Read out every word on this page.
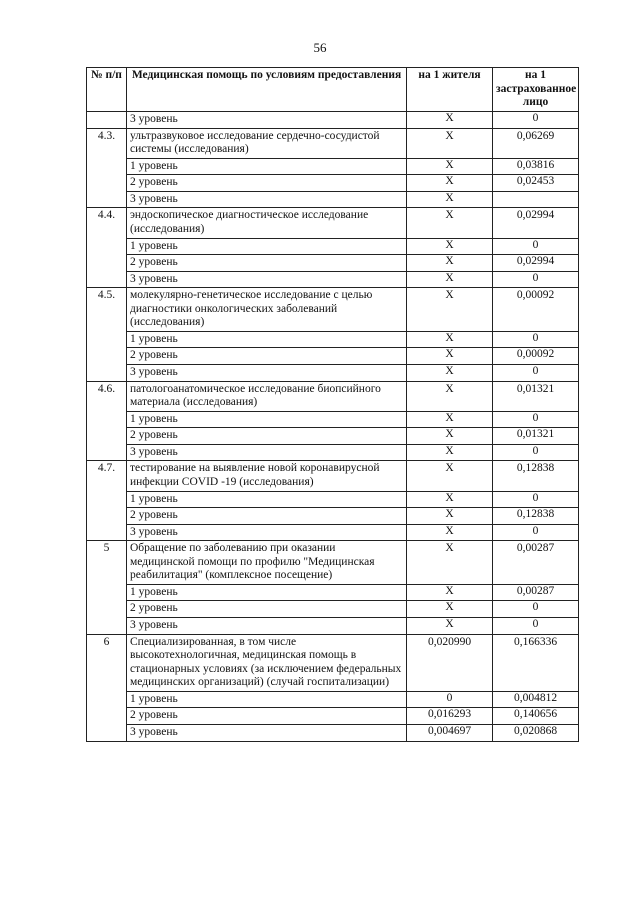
56
№ п/п	Медицинская помощь по условиям предоставления	на 1 жителя	на 1 застрахованное лицо
	3 уровень	Х	0
4.3.	ультразвуковое исследование сердечно-сосудистой системы (исследования)	Х	0,06269
	1 уровень	Х	0,03816
	2 уровень	Х	0,02453
	3 уровень	Х	
4.4.	эндоскопическое диагностическое исследование (исследования)	Х	0,02994
	1 уровень	Х	0
	2 уровень	Х	0,02994
	3 уровень	Х	0
4.5.	молекулярно-генетическое исследование с целью диагностики онкологических заболеваний (исследования)	Х	0,00092
	1 уровень	Х	0
	2 уровень	Х	0,00092
	3 уровень	Х	0
4.6.	патологоанатомическое исследование биопсийного материала (исследования)	Х	0,01321
	1 уровень	Х	0
	2 уровень	Х	0,01321
	3 уровень	Х	0
4.7.	тестирование на выявление новой коронавирусной инфекции COVID -19 (исследования)	Х	0,12838
	1 уровень	Х	0
	2 уровень	Х	0,12838
	3 уровень	Х	0
5	Обращение по заболеванию при оказании медицинской помощи по профилю "Медицинская реабилитация" (комплексное посещение)	Х	0,00287
	1 уровень	Х	0,00287
	2 уровень	Х	0
	3 уровень	Х	0
6	Специализированная, в том числе высокотехнологичная, медицинская помощь в стационарных условиях (за исключением федеральных медицинских организаций) (случай госпитализации)	0,020990	0,166336
	1 уровень	0	0,004812
	2 уровень	0,016293	0,140656
	3 уровень	0,004697	0,020868
